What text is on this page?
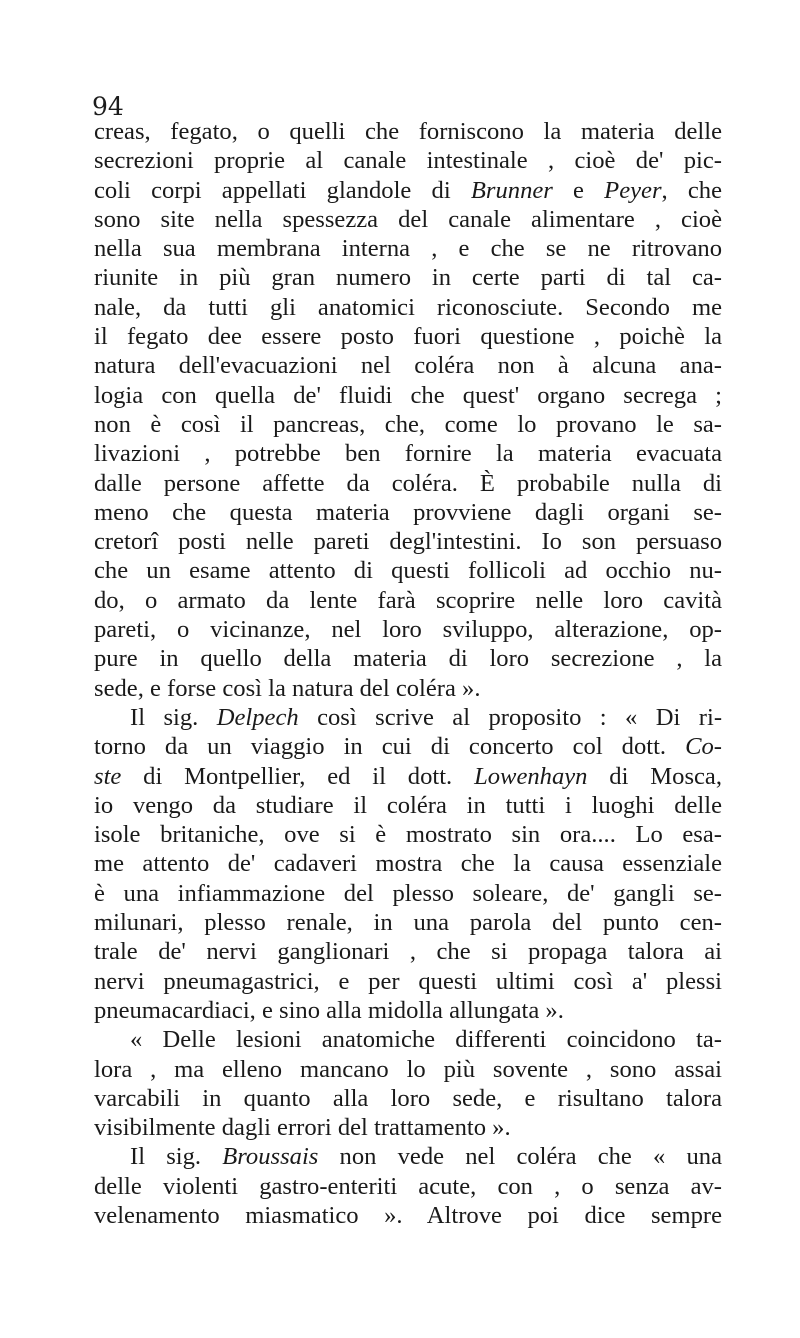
94
creas, fegato, o quelli che forniscono la materia delle
secrezioni proprie al canale intestinale , cioè de' pic-
coli corpi appellati glandole di Brunner e Peyer, che
sono site nella spessezza del canale alimentare , cioè
nella sua membrana interna , e che se ne ritrovano
riunite in più gran numero in certe parti di tal ca-
nale, da tutti gli anatomici riconosciute. Secondo me
il fegato dee essere posto fuori questione , poichè la
natura dell'evacuazioni nel coléra non à alcuna ana-
logia con quella de' fluidi che quest' organo secrega ;
non è così il pancreas, che, come lo provano le sa-
livazioni , potrebbe ben fornire la materia evacuata
dalle persone affette da coléra. È probabile nulla di
meno che questa materia provviene dagli organi se-
cretorî posti nelle pareti degl'intestini. Io son persuaso
che un esame attento di questi follicoli ad occhio nu-
do, o armato da lente farà scoprire nelle loro cavità
pareti, o vicinanze, nel loro sviluppo, alterazione, op-
pure in quello della materia di loro secrezione , la
sede, e forse così la natura del coléra ».
Il sig. Delpech così scrive al proposito : « Di ri-
torno da un viaggio in cui di concerto col dott. Co-
ste di Montpellier, ed il dott. Lowenhayn di Mosca,
io vengo da studiare il coléra in tutti i luoghi delle
isole britaniche, ove si è mostrato sin ora.... Lo esa-
me attento de' cadaveri mostra che la causa essenziale
è una infiammazione del plesso soleare, de' gangli se-
milunari, plesso renale, in una parola del punto cen-
trale de' nervi ganglionari , che si propaga talora ai
nervi pneumagastrici, e per questi ultimi così a' plessi
pneumacardiaci, e sino alla midolla allungata ».
« Delle lesioni anatomiche differenti coincidono ta-
lora , ma elleno mancano lo più sovente , sono assai
varcabili in quanto alla loro sede, e risultano talora
visibilmente dagli errori del trattamento ».
Il sig. Broussais non vede nel coléra che « una
delle violenti gastro-enteriti acute, con , o senza av-
velenamento miasmatico ». Altrove poi dice sempre
